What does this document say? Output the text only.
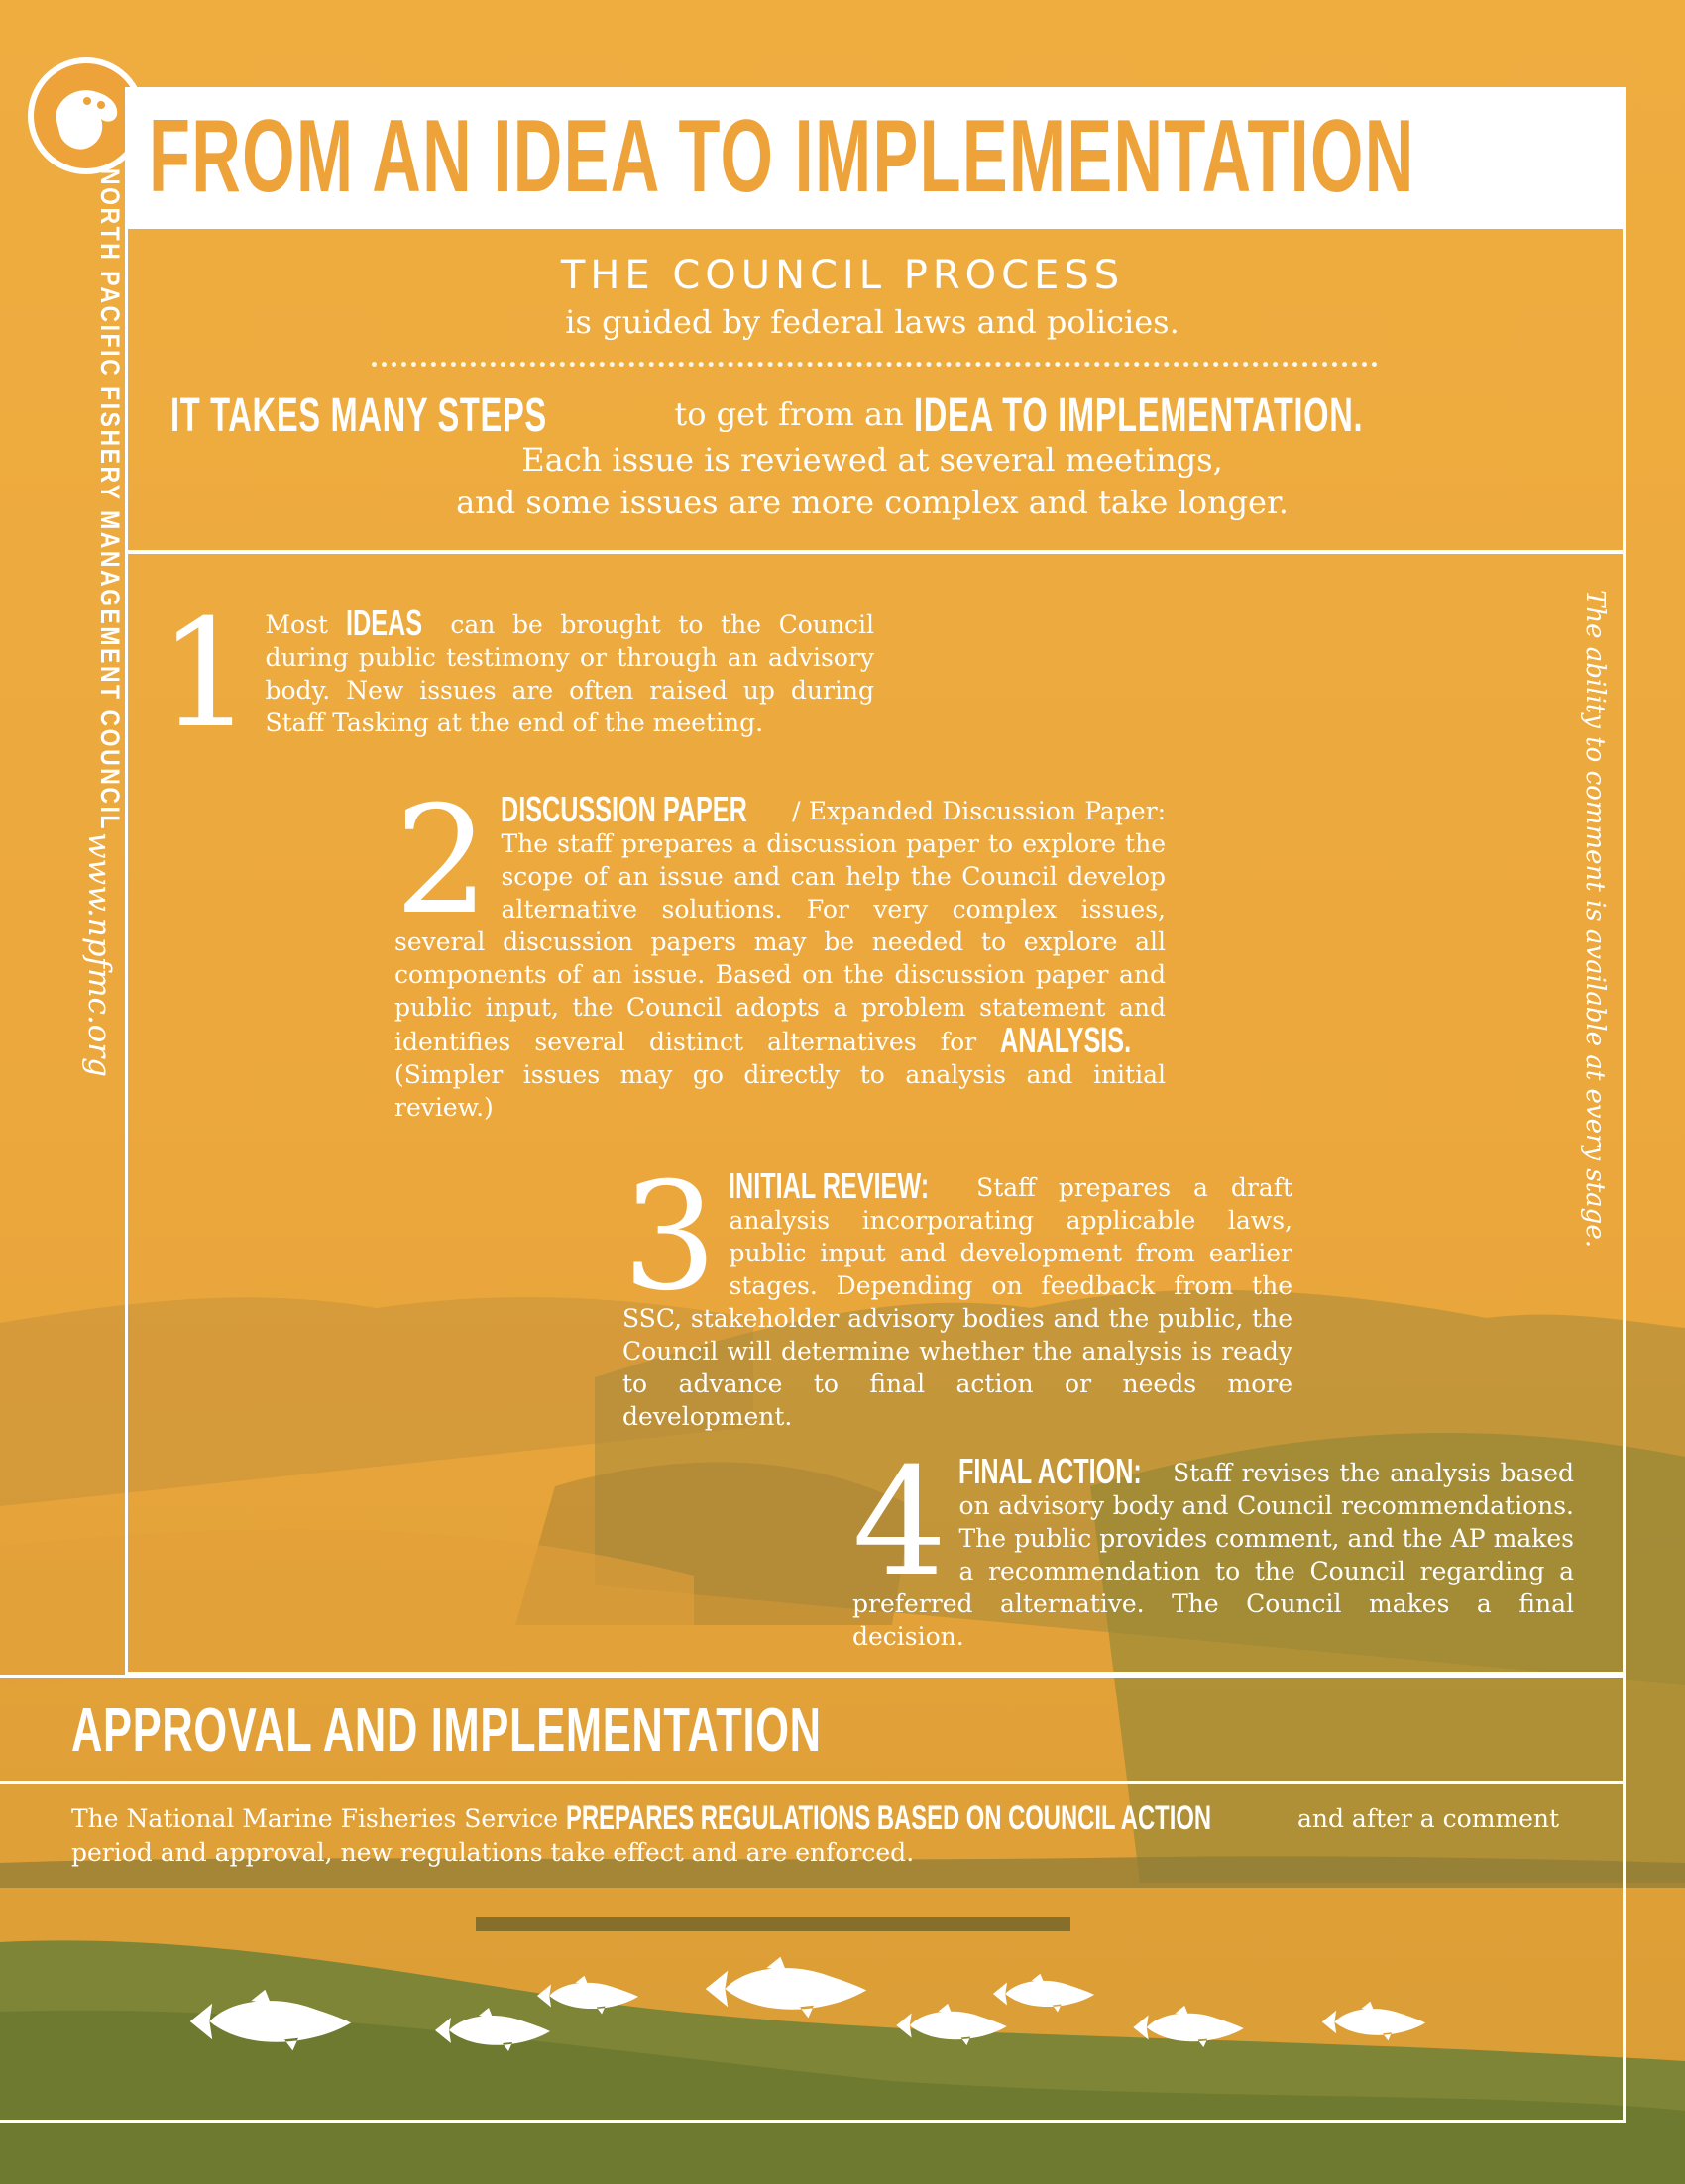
NORTH PACIFIC FISHERY MANAGEMENT COUNCIL
www.npfmc.org
FROM AN IDEA TO IMPLEMENTATION
THE COUNCIL PROCESS
is guided by federal laws and policies.
IT TAKES MANY STEPS	to get from an IDEA TO IMPLEMENTATION.
Each issue is reviewed at several meetings,
and some issues are more complex and take longer.
The ability to comment is available at every stage.
1 Most IDEAS can be brought to the Council during public testimony or through an advisory body. New issues are often raised up during Staff Tasking at the end of the meeting.
2 DISCUSSION PAPER / Expanded Discussion Paper: The staff prepares a discussion paper to explore the scope of an issue and can help the Council develop alternative solutions. For very complex issues, several discussion papers may be needed to explore all components of an issue. Based on the discussion paper and public input, the Council adopts a problem statement and identifies several distinct alternatives for ANALYSIS. (Simpler issues may go directly to analysis and initial review.)
3 INITIAL REVIEW: Staff prepares a draft analysis incorporating applicable laws, public input and development from earlier stages. Depending on feedback from the SSC, stakeholder advisory bodies and the public, the Council will determine whether the analysis is ready to advance to final action or needs more development.
4 FINAL ACTION: Staff revises the analysis based on advisory body and Council recommendations. The public provides comment, and the AP makes a recommendation to the Council regarding a preferred alternative. The Council makes a final decision.
APPROVAL AND IMPLEMENTATION
The National Marine Fisheries Service PREPARES REGULATIONS BASED ON COUNCIL ACTION	and after a comment period and approval, new regulations take effect and are enforced.
